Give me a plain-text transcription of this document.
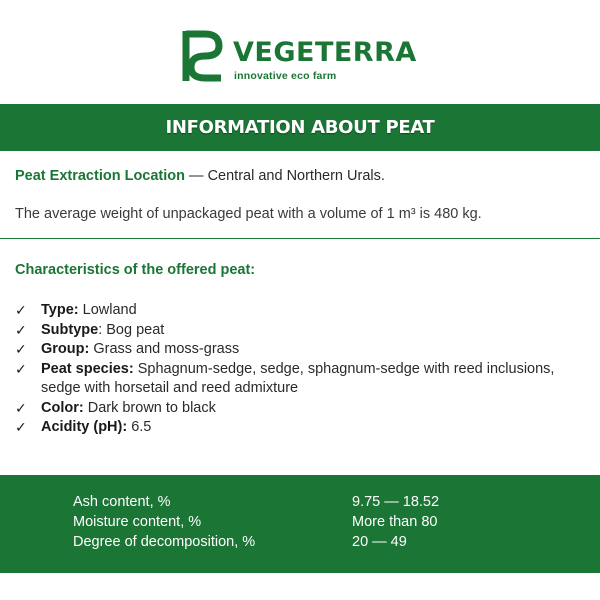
VEGETERRA
innovative eco farm
INFORMATION ABOUT PEAT
Peat Extraction Location — Central and Northern Urals.
The average weight of unpackaged peat with a volume of 1 m³ is 480 kg.
Characteristics of the offered peat:
✓ Type: Lowland
✓ Subtype: Bog peat
✓ Group: Grass and moss-grass
✓ Peat species: Sphagnum-sedge, sedge, sphagnum-sedge with reed inclusions, sedge with horsetail and reed admixture
✓ Color: Dark brown to black
✓ Acidity (pH): 6.5
Ash content, %	9.75 — 18.52
Moisture content, %	More than 80
Degree of decomposition, %	20 — 49
